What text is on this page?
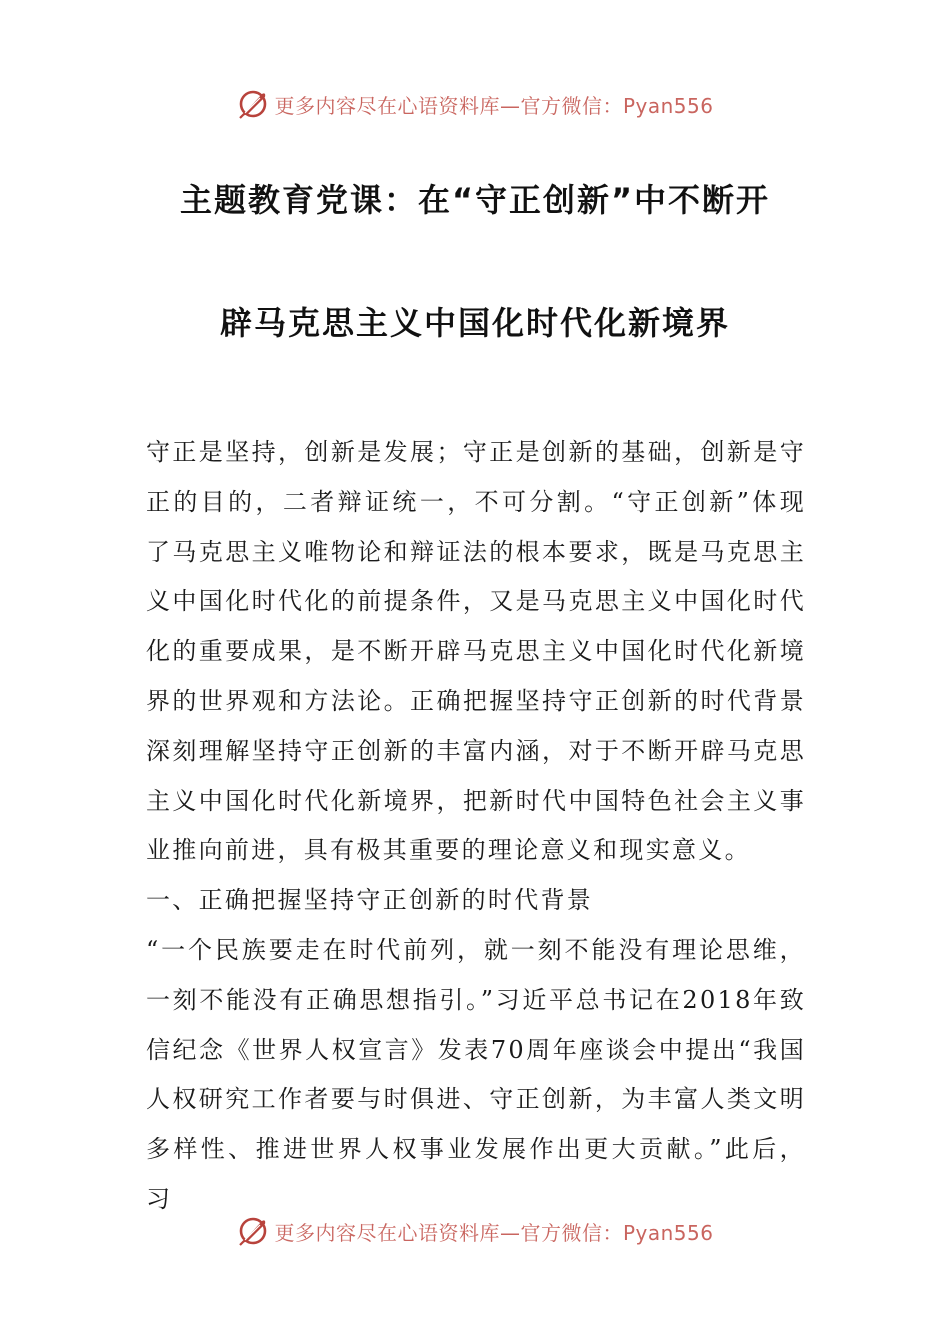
更多内容尽在心语资料库—官方微信：Pyan556
主题教育党课：在“守正创新”中不断开
辟马克思主义中国化时代化新境界

守正是坚持，创新是发展；守正是创新的基础，创新是守正的目的，二者辩证统一，不可分割。“守正创新”体现了马克思主义唯物论和辩证法的根本要求，既是马克思主义中国化时代化的前提条件，又是马克思主义中国化时代化的重要成果，是不断开辟马克思主义中国化时代化新境界的世界观和方法论。正确把握坚持守正创新的时代背景深刻理解坚持守正创新的丰富内涵，对于不断开辟马克思主义中国化时代化新境界，把新时代中国特色社会主义事业推向前进，具有极其重要的理论意义和现实意义。

一、正确把握坚持守正创新的时代背景

“一个民族要走在时代前列，就一刻不能没有理论思维，一刻不能没有正确思想指引。”习近平总书记在2018年致信纪念《世界人权宣言》发表70周年座谈会中提出“我国人权研究工作者要与时俱进、守正创新，为丰富人类文明多样性、推进世界人权事业发展作出更大贡献。”此后，习

更多内容尽在心语资料库—官方微信：Pyan556
